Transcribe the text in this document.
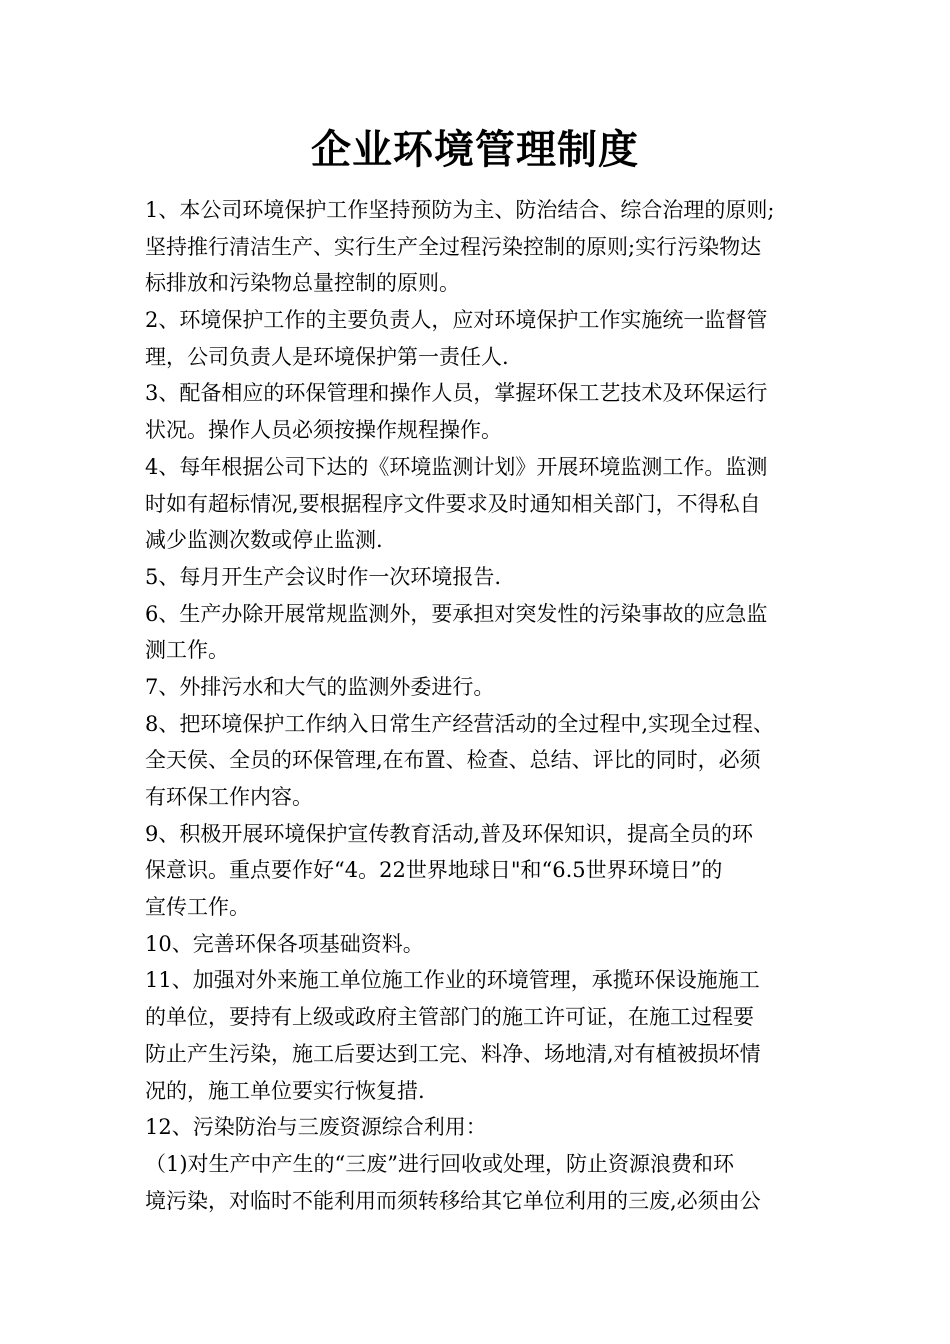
企业环境管理制度
1、本公司环境保护工作坚持预防为主、防治结合、综合治理的原则;
坚持推行清洁生产、实行生产全过程污染控制的原则;实行污染物达
标排放和污染物总量控制的原则。
2、环境保护工作的主要负责人，应对环境保护工作实施统一监督管
理，公司负责人是环境保护第一责任人.
3、配备相应的环保管理和操作人员，掌握环保工艺技术及环保运行
状况。操作人员必须按操作规程操作。
4、每年根据公司下达的《环境监测计划》开展环境监测工作。监测
时如有超标情况,要根据程序文件要求及时通知相关部门，不得私自
减少监测次数或停止监测.
5、每月开生产会议时作一次环境报告.
6、生产办除开展常规监测外，要承担对突发性的污染事故的应急监
测工作。
7、外排污水和大气的监测外委进行。
8、把环境保护工作纳入日常生产经营活动的全过程中,实现全过程、
全天侯、全员的环保管理,在布置、检查、总结、评比的同时，必须
有环保工作内容。
9、积极开展环境保护宣传教育活动,普及环保知识，提高全员的环
保意识。重点要作好“4。22世界地球日"和“6.5世界环境日”的
宣传工作。
10、完善环保各项基础资料。
11、加强对外来施工单位施工作业的环境管理，承揽环保设施施工
的单位，要持有上级或政府主管部门的施工许可证，在施工过程要
防止产生污染，施工后要达到工完、料净、场地清,对有植被损坏情
况的，施工单位要实行恢复措.
12、污染防治与三废资源综合利用：
（1)对生产中产生的“三废”进行回收或处理，防止资源浪费和环
境污染，对临时不能利用而须转移给其它单位利用的三废,必须由公
